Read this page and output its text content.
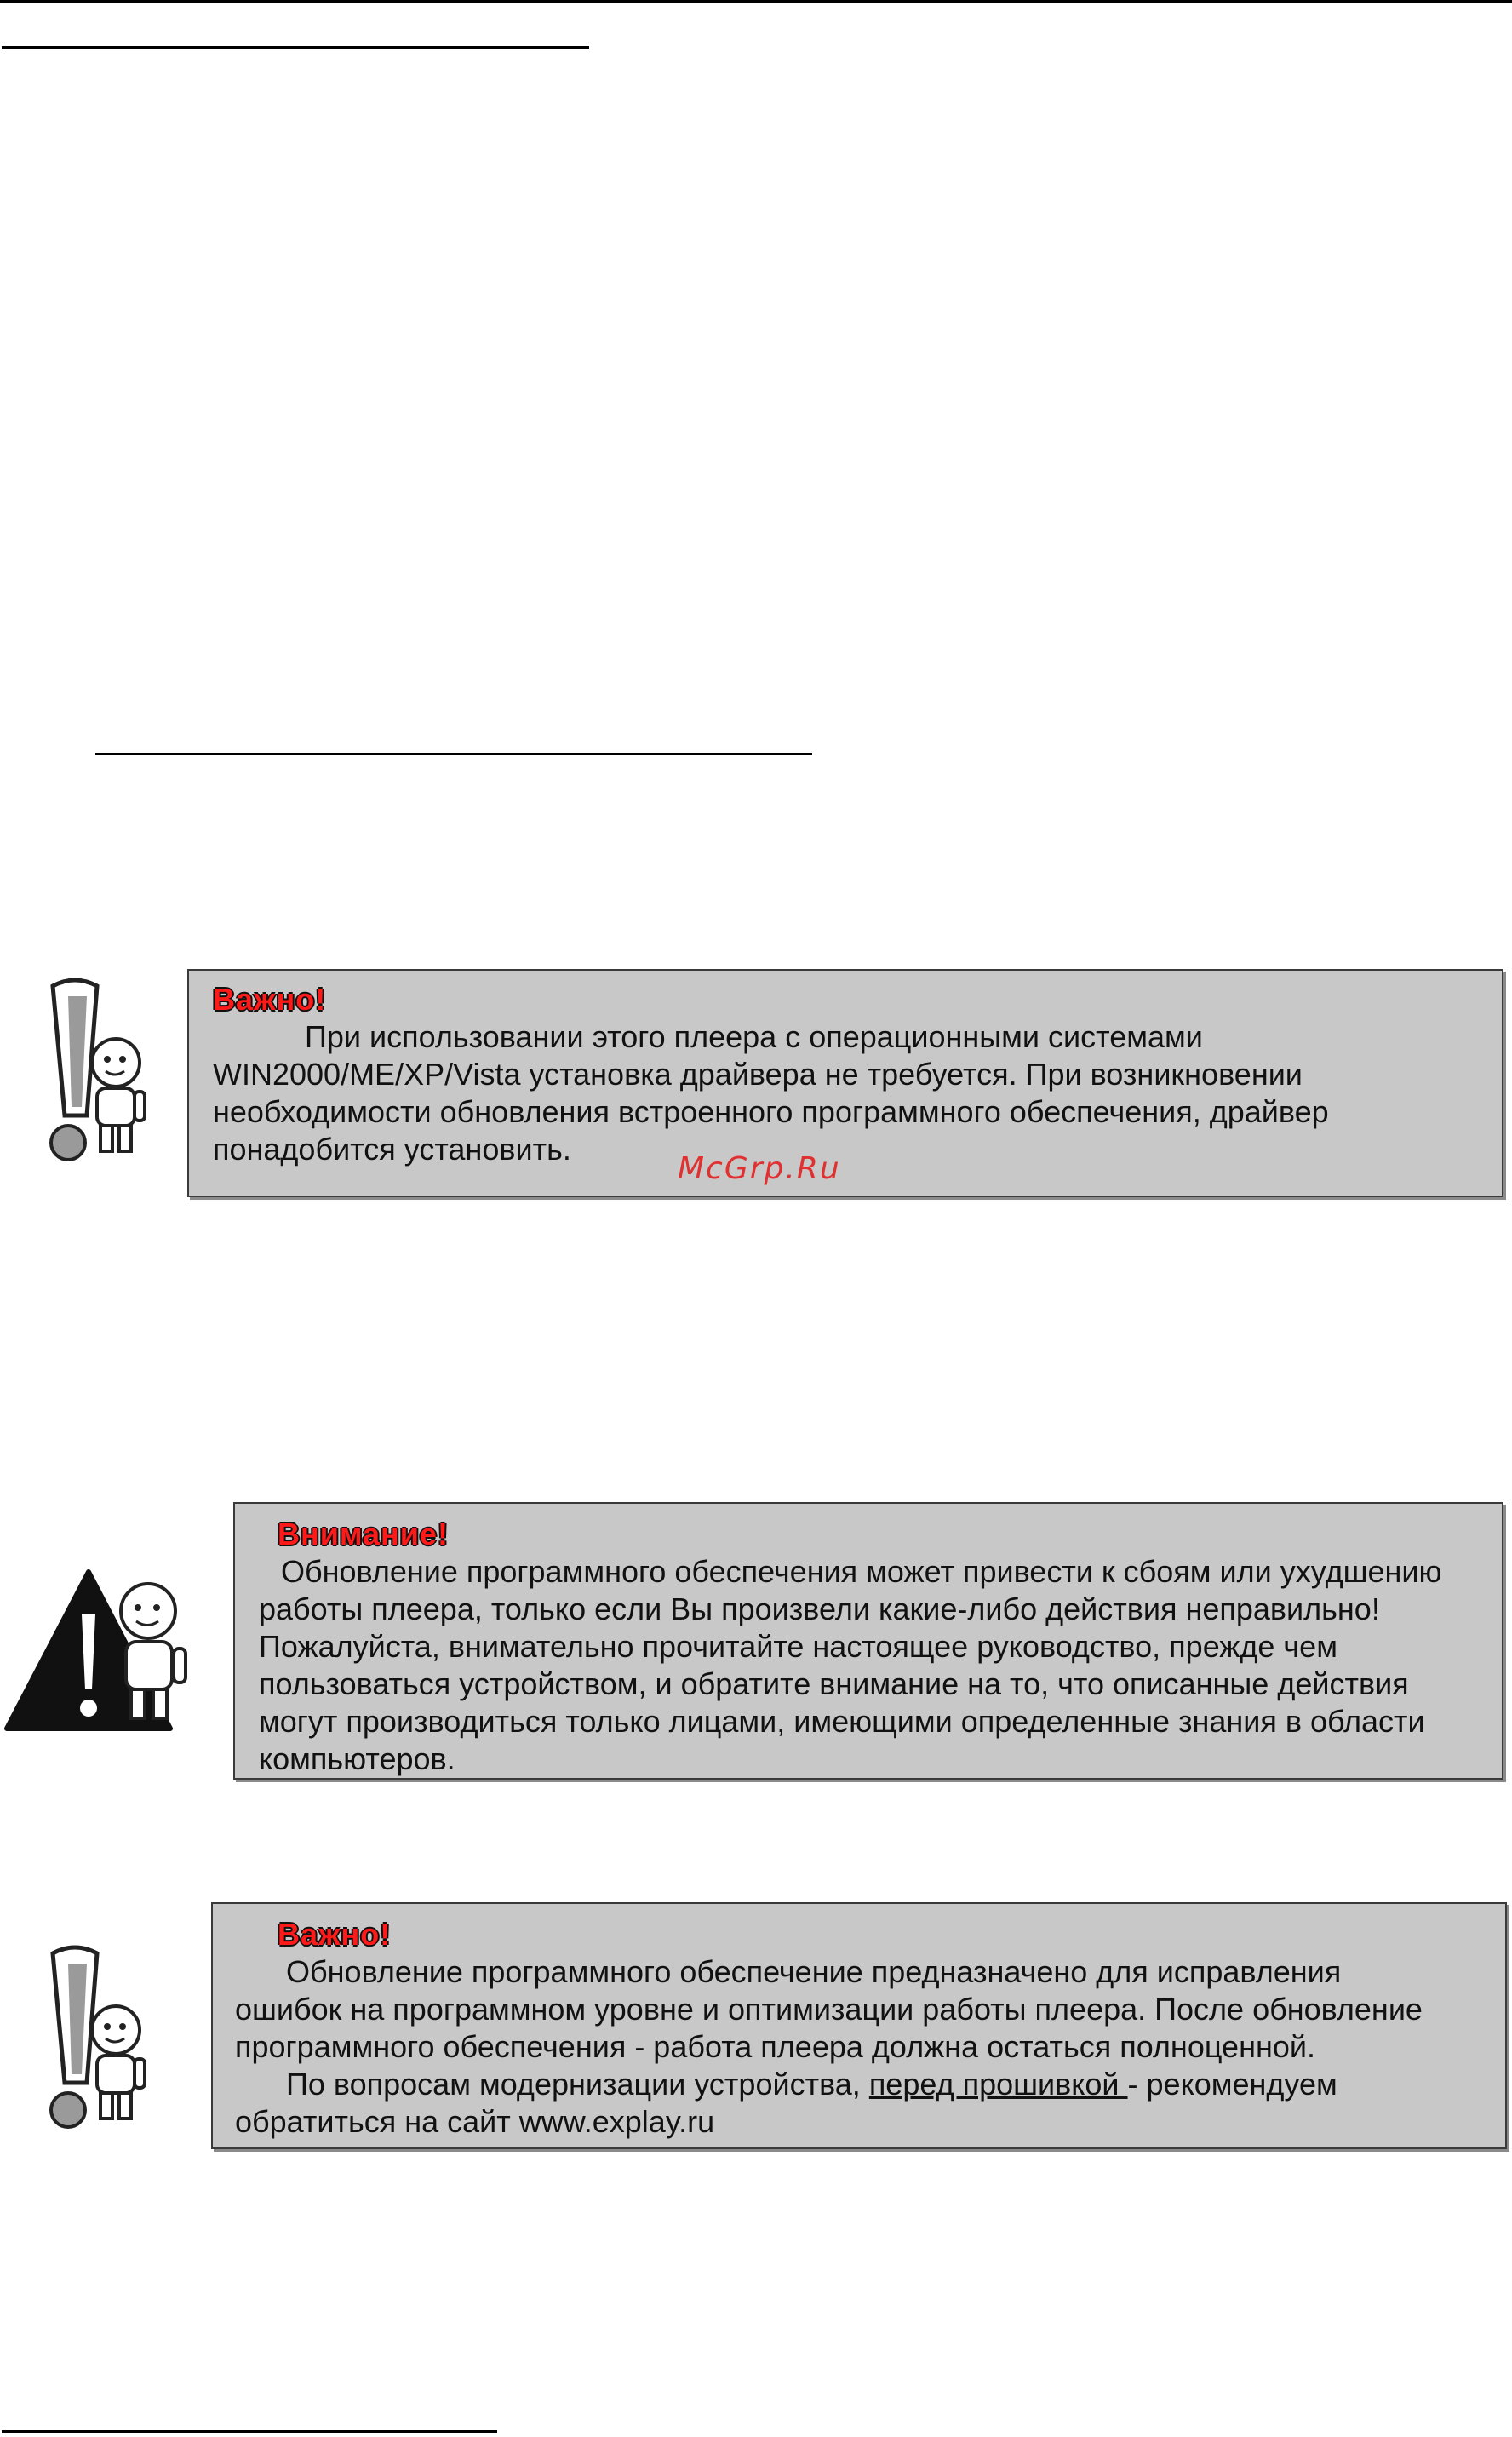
Важно!

При использовании этого плеера с операционными системами

WIN2000/ME/XP/Vista установка драйвера не требуется. При возникновении

необходимости обновления встроенного программного обеспечения, драйвер

понадобится установить.

McGrp.Ru
Внимание!

Обновление программного обеспечения может привести к сбоям или ухудшению

работы плеера, только если Вы произвели какие-либо действия неправильно!

Пожалуйста, внимательно прочитайте настоящее руководство, прежде чем

пользоваться устройством, и обратите внимание на то, что описанные действия

могут производиться только лицами, имеющими определенные знания в области

компьютеров.

Важно!

Обновление программного обеспечение предназначено для исправления

ошибок на программном уровне и оптимизации работы плеера. После обновление

программного обеспечения - работа плеера должна остаться полноценной.

По вопросам модернизации устройства, перед прошивкой - рекомендуем

обратиться на сайт www.explay.ru
